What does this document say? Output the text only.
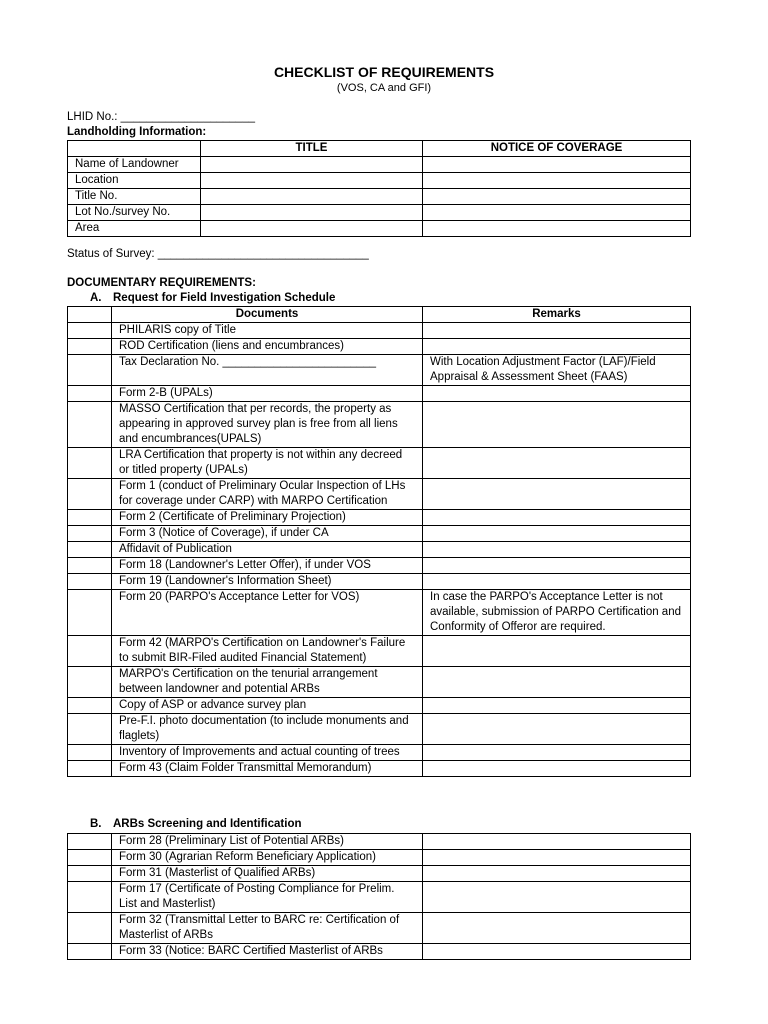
CHECKLIST OF REQUIREMENTS
(VOS, CA and GFI)
LHID No.: _____________________
Landholding Information:
	TITLE	NOTICE OF COVERAGE
Name of Landowner		
Location		
Title No.		
Lot No./survey No.		
Area		
Status of Survey: _________________________________
DOCUMENTARY REQUIREMENTS:
A. Request for Field Investigation Schedule
	Documents	Remarks
	PHILARIS copy of Title	
	ROD Certification (liens and encumbrances)	
	Tax Declaration No. ________________________	With Location Adjustment Factor (LAF)/Field Appraisal & Assessment Sheet (FAAS)
	Form 2-B (UPALs)	
	MASSO Certification that per records, the property as appearing in approved survey plan is free from all liens and encumbrances(UPALS)	
	LRA Certification that property is not within any decreed or titled property (UPALs)	
	Form 1 (conduct of Preliminary Ocular Inspection of LHs for coverage under CARP) with MARPO Certification	
	Form 2 (Certificate of Preliminary Projection)	
	Form 3 (Notice of Coverage), if under CA	
	Affidavit of Publication	
	Form 18 (Landowner's Letter Offer), if under VOS	
	Form 19 (Landowner's Information Sheet)	
	Form 20 (PARPO's Acceptance Letter for VOS)	In case the PARPO's Acceptance Letter is not available, submission of PARPO Certification and Conformity of Offeror are required.
	Form 42 (MARPO's Certification on Landowner's Failure to submit BIR-Filed audited Financial Statement)	
	MARPO's Certification on the tenurial arrangement between landowner and potential ARBs	
	Copy of ASP or advance survey plan	
	Pre-F.I. photo documentation (to include monuments and flaglets)	
	Inventory of Improvements and actual counting of trees	
	Form 43 (Claim Folder Transmittal Memorandum)	
B. ARBs Screening and Identification
	Form 28 (Preliminary List of Potential ARBs)	
	Form 30 (Agrarian Reform Beneficiary Application)	
	Form 31 (Masterlist of Qualified ARBs)	
	Form 17 (Certificate of Posting Compliance for Prelim. List and Masterlist)	
	Form 32 (Transmittal Letter to BARC re: Certification of Masterlist of ARBs	
	Form 33 (Notice: BARC Certified Masterlist of ARBs	
